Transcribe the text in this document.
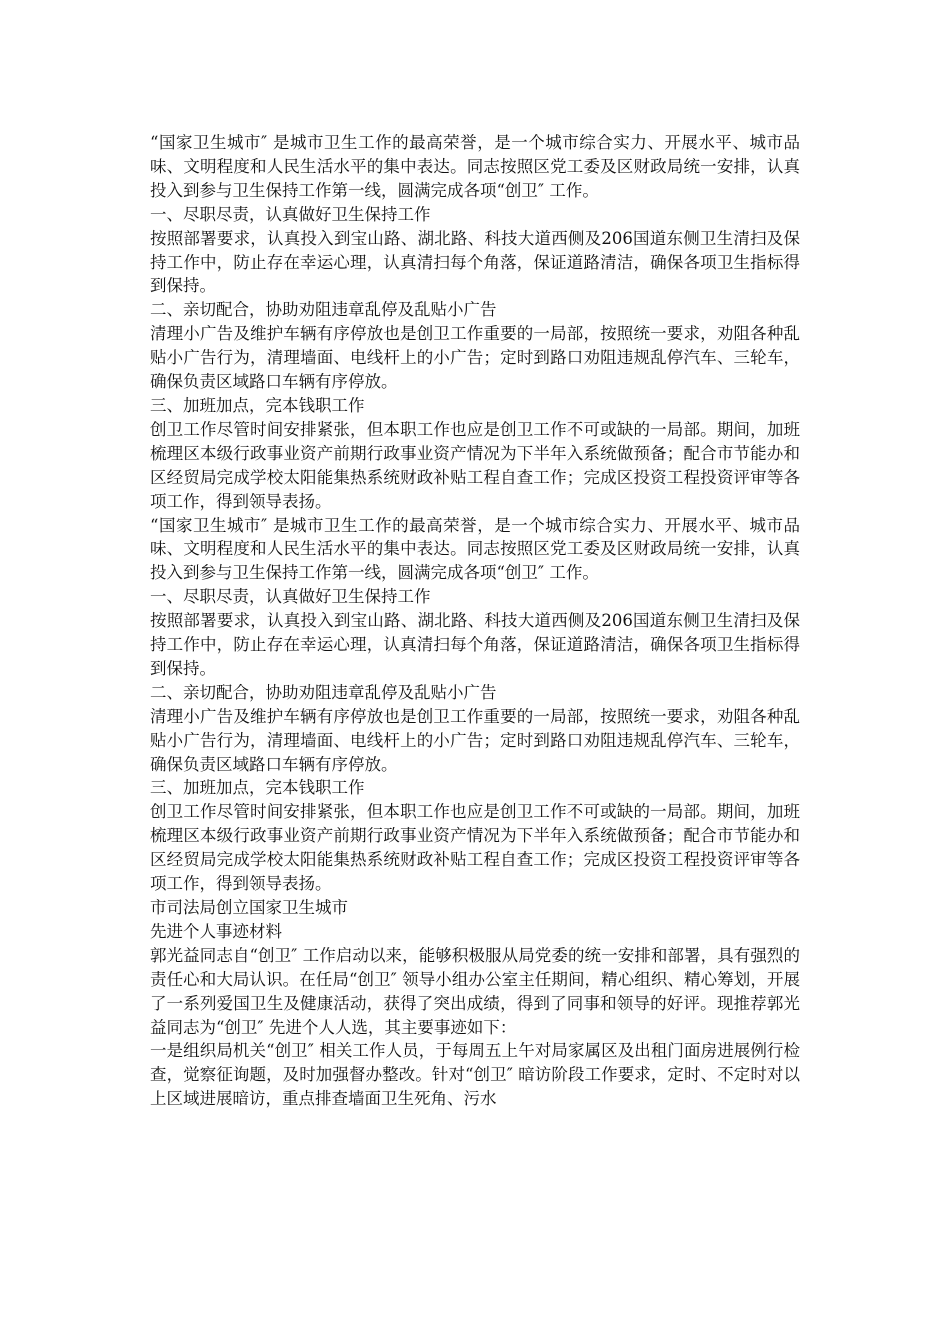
“国家卫生城市″ 是城市卫生工作的最高荣誉，是一个城市综合实力、开展水平、城市品味、文明程度和人民生活水平的集中表达。同志按照区党工委及区财政局统一安排，认真投入到参与卫生保持工作第一线，圆满完成各项“创卫″ 工作。

一、尽职尽责，认真做好卫生保持工作

按照部署要求，认真投入到宝山路、湖北路、科技大道西侧及206国道东侧卫生清扫及保持工作中，防止存在幸运心理，认真清扫每个角落，保证道路清洁，确保各项卫生指标得到保持。

二、亲切配合，协助劝阻违章乱停及乱贴小广告

清理小广告及维护车辆有序停放也是创卫工作重要的一局部，按照统一要求，劝阻各种乱贴小广告行为，清理墙面、电线杆上的小广告；定时到路口劝阻违规乱停汽车、三轮车，确保负责区域路口车辆有序停放。

三、加班加点，完本钱职工作

创卫工作尽管时间安排紧张，但本职工作也应是创卫工作不可或缺的一局部。期间，加班梳理区本级行政事业资产前期行政事业资产情况为下半年入系统做预备；配合市节能办和区经贸局完成学校太阳能集热系统财政补贴工程自查工作；完成区投资工程投资评审等各项工作，得到领导表扬。

“国家卫生城市″ 是城市卫生工作的最高荣誉，是一个城市综合实力、开展水平、城市品味、文明程度和人民生活水平的集中表达。同志按照区党工委及区财政局统一安排，认真投入到参与卫生保持工作第一线，圆满完成各项“创卫″ 工作。

一、尽职尽责，认真做好卫生保持工作

按照部署要求，认真投入到宝山路、湖北路、科技大道西侧及206国道东侧卫生清扫及保持工作中，防止存在幸运心理，认真清扫每个角落，保证道路清洁，确保各项卫生指标得到保持。

二、亲切配合，协助劝阻违章乱停及乱贴小广告

清理小广告及维护车辆有序停放也是创卫工作重要的一局部，按照统一要求，劝阻各种乱贴小广告行为，清理墙面、电线杆上的小广告；定时到路口劝阻违规乱停汽车、三轮车，确保负责区域路口车辆有序停放。

三、加班加点，完本钱职工作

创卫工作尽管时间安排紧张，但本职工作也应是创卫工作不可或缺的一局部。期间，加班梳理区本级行政事业资产前期行政事业资产情况为下半年入系统做预备；配合市节能办和区经贸局完成学校太阳能集热系统财政补贴工程自查工作；完成区投资工程投资评审等各项工作，得到领导表扬。

市司法局创立国家卫生城市

先进个人事迹材料

郭光益同志自“创卫″ 工作启动以来，能够积极服从局党委的统一安排和部署，具有强烈的责任心和大局认识。在任局“创卫″ 领导小组办公室主任期间，精心组织、精心筹划，开展了一系列爱国卫生及健康活动，获得了突出成绩，得到了同事和领导的好评。现推荐郭光益同志为“创卫″ 先进个人人选，其主要事迹如下：

一是组织局机关“创卫″ 相关工作人员，于每周五上午对局家属区及出租门面房进展例行检查，觉察征询题，及时加强督办整改。针对“创卫″ 暗访阶段工作要求，定时、不定时对以上区域进展暗访，重点排查墙面卫生死角、污水
